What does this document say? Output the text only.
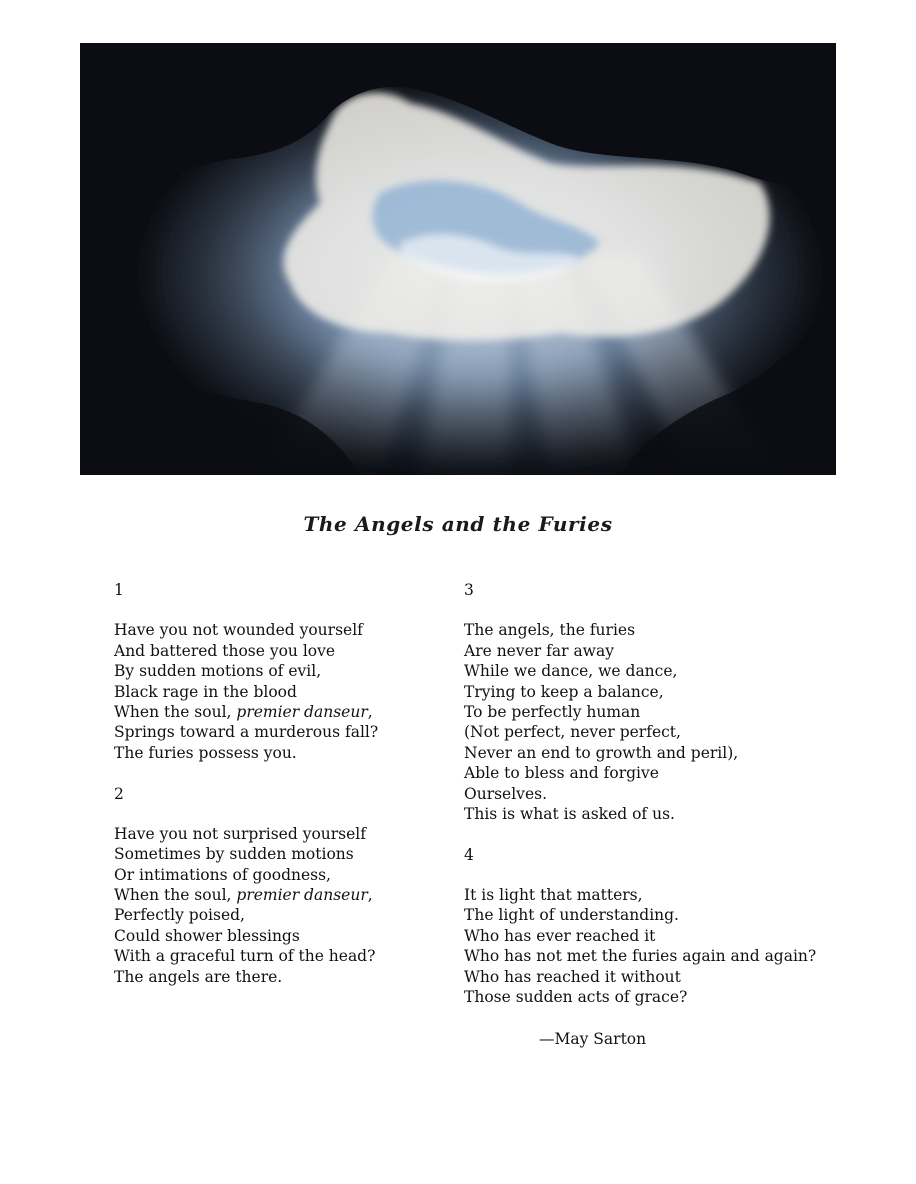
The Angels and the Furies
1
Have you not wounded yourself
And battered those you love
By sudden motions of evil,
Black rage in the blood
When the soul, premier danseur,
Springs toward a murderous fall?
The furies possess you.
2
Have you not surprised yourself
Sometimes by sudden motions
Or intimations of goodness,
When the soul, premier danseur,
Perfectly poised,
Could shower blessings
With a graceful turn of the head?
The angels are there.
3
The angels, the furies
Are never far away
While we dance, we dance,
Trying to keep a balance,
To be perfectly human
(Not perfect, never perfect,
Never an end to growth and peril),
Able to bless and forgive
Ourselves.
This is what is asked of us.
4
It is light that matters,
The light of understanding.
Who has ever reached it
Who has not met the furies again and again?
Who has reached it without
Those sudden acts of grace?
—May Sarton
